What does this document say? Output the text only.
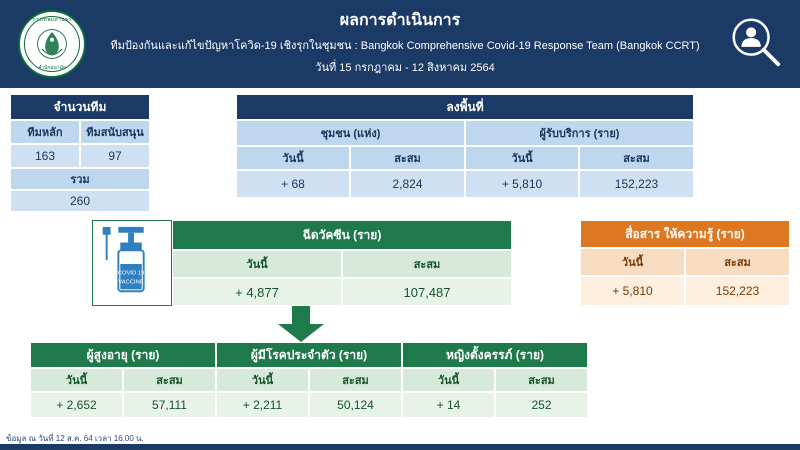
กรุงเทพมหานคร
สำนักอนามัย
ผลการดำเนินการ
ทีมป้องกันและแก้ไขปัญหาโควิด-19 เชิงรุกในชุมชน : Bangkok Comprehensive Covid-19 Response Team (Bangkok CCRT)
วันที่ 15 กรกฎาคม - 12 สิงหาคม 2564
จำนวนทีม
ทีมหลัก	ทีมสนับสนุน
163	97
รวม
260
ลงพื้นที่
ชุมชน (แห่ง)	ผู้รับบริการ (ราย)
วันนี้	สะสม	วันนี้	สะสม
+ 68	2,824	+ 5,810	152,223
COVID 19
VACCINE
ฉีดวัคซีน (ราย)
วันนี้	สะสม
+ 4,877	107,487
สื่อสาร ให้ความรู้ (ราย)
วันนี้	สะสม
+ 5,810	152,223
ผู้สูงอายุ (ราย)
วันนี้	สะสม
+ 2,652	57,111
ผู้มีโรคประจำตัว (ราย)
วันนี้	สะสม
+ 2,211	50,124
หญิงตั้งครรภ์ (ราย)
วันนี้	สะสม
+ 14	252
ข้อมูล ณ วันที่ 12 ส.ค. 64 เวลา 16.00 น.
